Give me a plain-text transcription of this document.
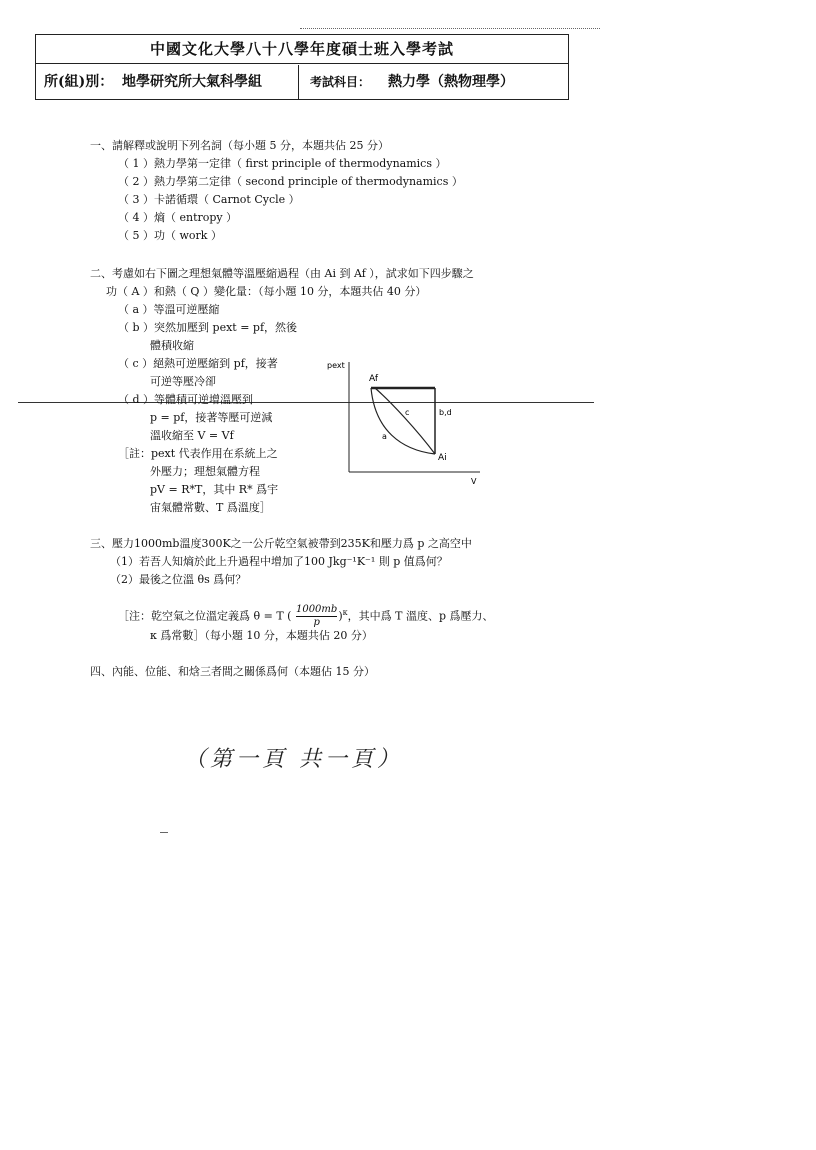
中國文化大學八十八學年度碩士班入學考試
所(組)別： 地學研究所大氣科學組	考試科目： 熱力學（熱物理學）
一、請解釋或說明下列名詞（每小題 5 分，本題共佔 25 分）
（ 1 ）熱力學第一定律（ first principle of thermodynamics ）
（ 2 ）熱力學第二定律（ second principle of thermodynamics ）
（ 3 ）卡諾循環（ Carnot Cycle ）
（ 4 ）熵（ entropy ）
（ 5 ）功（ work ）
二、考慮如右下圖之理想氣體等溫壓縮過程（由 Ai 到 Af ），試求如下四步驟之
功（ A ）和熱（ Q ）變化量：（每小題 10 分，本題共佔 40 分）
（ a ）等溫可逆壓縮
（ b ）突然加壓到 pext = pf，然後
體積收縮
（ c ）絕熱可逆壓縮到 pf，接著
可逆等壓冷卻
（ d ）等體積可逆增溫壓到
p = pf，接著等壓可逆減
溫收縮至 V = Vf
［註：pext 代表作用在系統上之
外壓力；理想氣體方程
pV = R*T，其中 R* 爲宇
宙氣體常數、T 爲溫度］
pext
V
Af
Ai
c	b,d
a
三、壓力1000mb溫度300K之一公斤乾空氣被帶到235K和壓力爲 p 之高空中
（1）若吾人知熵於此上升過程中增加了100 Jkg⁻¹K⁻¹ 則 p 值爲何？
（2）最後之位溫 θs 爲何？
［注：乾空氣之位溫定義爲 θ = T ( $\frac{1000mb}{p} )^\kappa$，其中爲 T 溫度、p 爲壓力、
κ 爲常數］（每小題 10 分，本題共佔 20 分）
四、內能、位能、和焓三者間之關係爲何（本題佔 15 分）
（第一頁 共一頁）
